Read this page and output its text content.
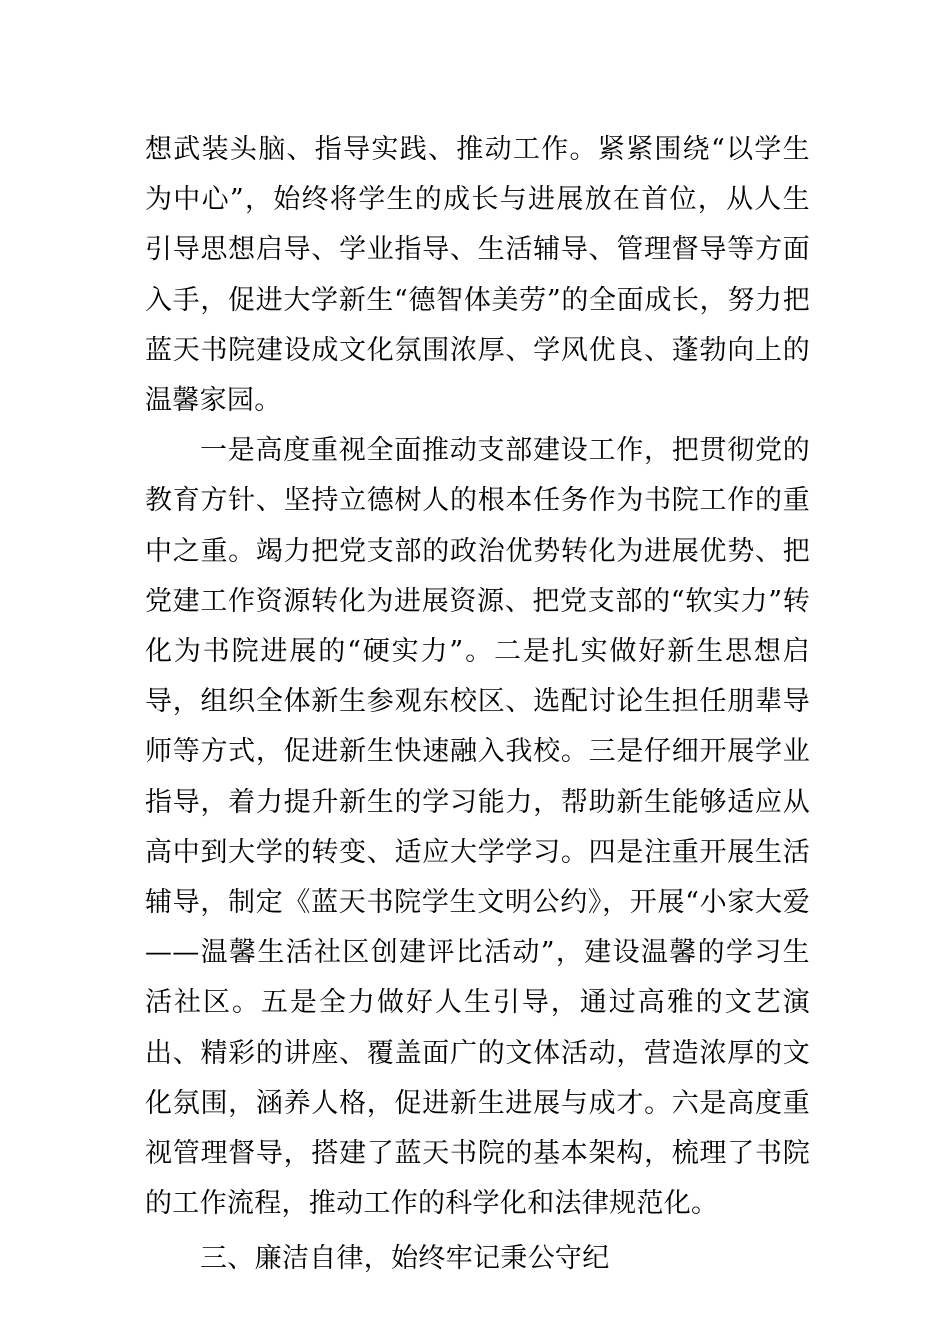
想武装头脑、指导实践、推动工作。紧紧围绕“以学生为中心”，始终将学生的成长与进展放在首位，从人生引导思想启导、学业指导、生活辅导、管理督导等方面入手，促进大学新生“德智体美劳”的全面成长，努力把蓝天书院建设成文化氛围浓厚、学风优良、蓬勃向上的温馨家园。

一是高度重视全面推动支部建设工作，把贯彻党的教育方针、坚持立德树人的根本任务作为书院工作的重中之重。竭力把党支部的政治优势转化为进展优势、把党建工作资源转化为进展资源、把党支部的“软实力”转化为书院进展的“硬实力”。二是扎实做好新生思想启导，组织全体新生参观东校区、选配讨论生担任朋辈导师等方式，促进新生快速融入我校。三是仔细开展学业指导，着力提升新生的学习能力，帮助新生能够适应从高中到大学的转变、适应大学学习。四是注重开展生活辅导，制定《蓝天书院学生文明公约》，开展“小家大爱——温馨生活社区创建评比活动”，建设温馨的学习生活社区。五是全力做好人生引导，通过高雅的文艺演出、精彩的讲座、覆盖面广的文体活动，营造浓厚的文化氛围，涵养人格，促进新生进展与成才。六是高度重视管理督导，搭建了蓝天书院的基本架构，梳理了书院的工作流程，推动工作的科学化和法律规范化。

三、廉洁自律，始终牢记秉公守纪
